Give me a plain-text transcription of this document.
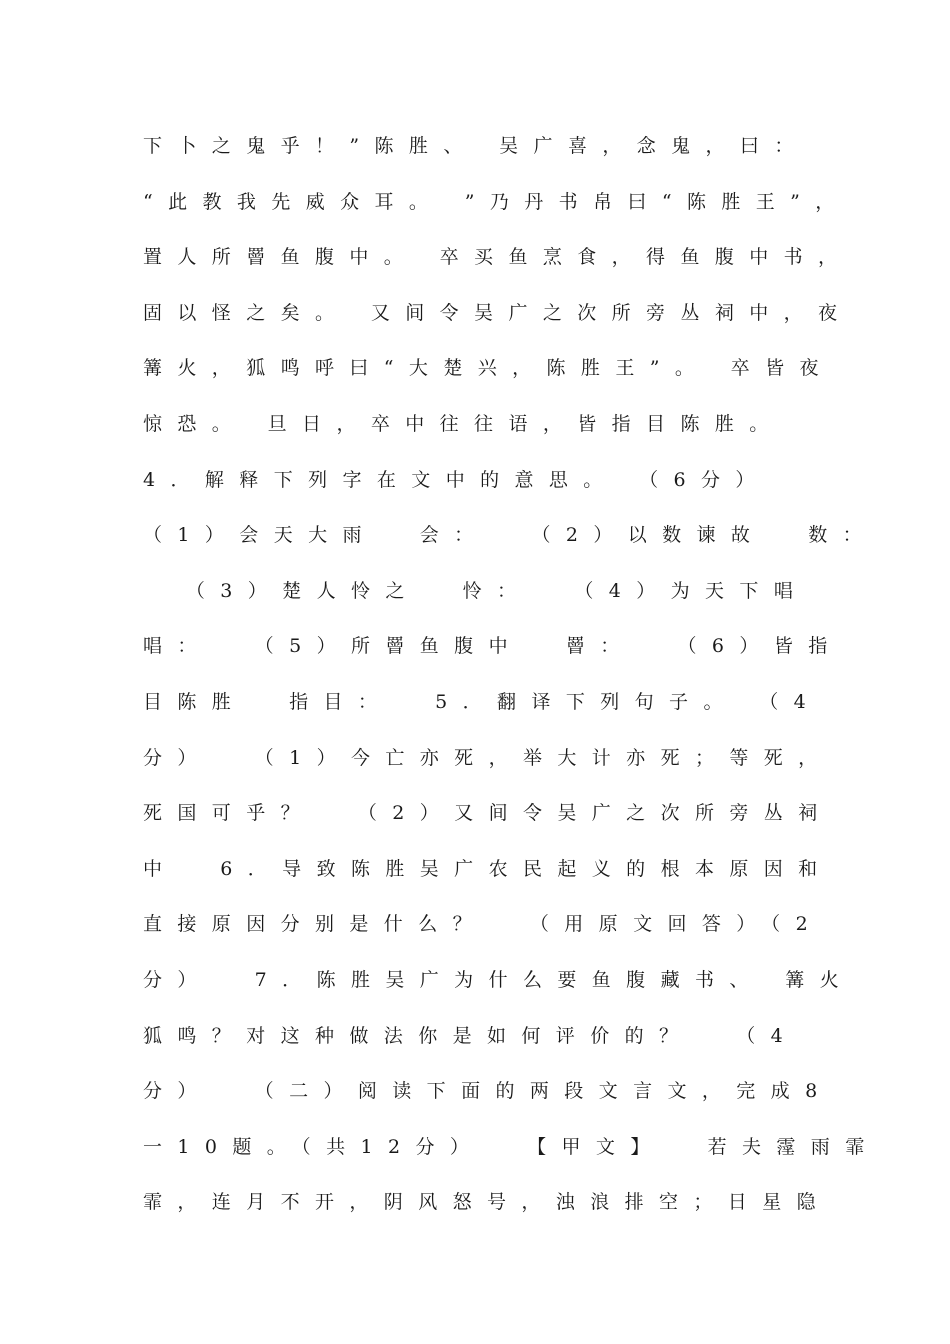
下卜之鬼乎！”陈胜、 吴广喜，念鬼，曰：
“此教我先威众耳。 ”乃丹书帛曰“陈胜王”，
置人所罾鱼腹中。 卒买鱼烹食，得鱼腹中书，
固以怪之矣。 又间令吴广之次所旁丛祠中，夜
篝火，狐鸣呼曰“大楚兴，陈胜王”。 卒皆夜
惊恐。 旦日，卒中往往语，皆指目陈胜。
4．解释下列字在文中的意思。 （6分）
（1）会天大雨  会：  （2）以数谏故  数：
（3）楚人怜之  怜：  （4）为天下唱
唱：  （5）所罾鱼腹中  罾：  （6）皆指
目陈胜  指目：  5．翻译下列句子。 （4
分）  （1）今亡亦死，举大计亦死；等死，
死国可乎？  （2）又间令吴广之次所旁丛祠
中  6．导致陈胜吴广农民起义的根本原因和
直接原因分别是什么？  （用原文回答）（2
分）  7．陈胜吴广为什么要鱼腹藏书、 篝火
狐鸣？对这种做法你是如何评价的？  （4
分）  （二）阅读下面的两段文言文，完成8
一10题。（共12分）  【甲文】  若夫霪雨霏
霏，连月不开，阴风怒号，浊浪排空；日星隐
